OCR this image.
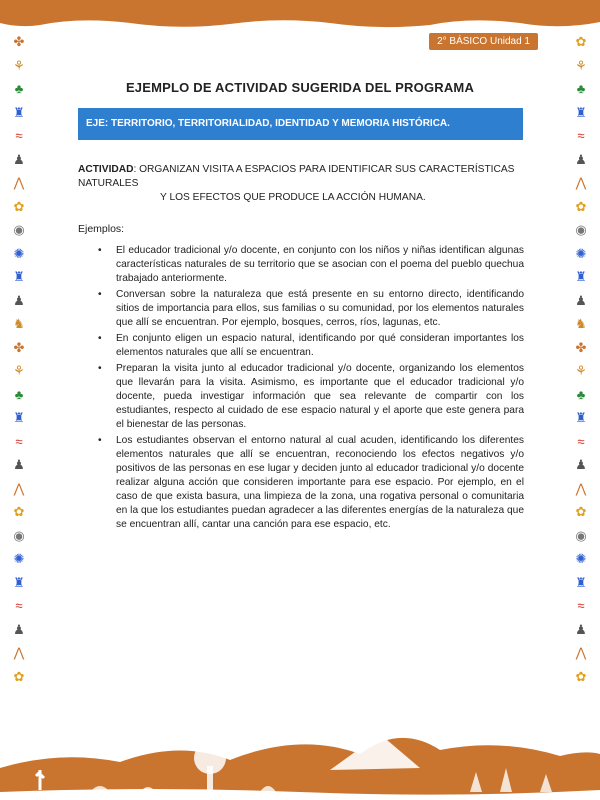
2° BÁSICO Unidad 1
✤
⚘
♣
♜
≈
♟
⋀
✿
◉
✺
♜
♟
♞
✤
⚘
♣
♜
≈
♟
⋀
✿
◉
✺
♜
≈
♟
⋀
✿
✿
⚘
♣
♜
≈
♟
⋀
✿
◉
✺
♜
♟
♞
✤
⚘
♣
♜
≈
♟
⋀
✿
◉
✺
♜
≈
♟
⋀
✿
EJEMPLO DE ACTIVIDAD SUGERIDA DEL PROGRAMA
EJE: TERRITORIO, TERRITORIALIDAD, IDENTIDAD Y MEMORIA HISTÓRICA.
ACTIVIDAD: ORGANIZAN VISITA A ESPACIOS PARA IDENTIFICAR SUS CARACTERÍSTICAS NATURALES
Y LOS EFECTOS QUE PRODUCE LA ACCIÓN HUMANA.
Ejemplos:
• El educador tradicional y/o docente, en conjunto con los niños y niñas identifican algunas características naturales de su territorio que se asocian con el poema del pueblo quechua trabajado anteriormente.
• Conversan sobre la naturaleza que está presente en su entorno directo, identificando sitios de importancia para ellos, sus familias o su comunidad, por los elementos naturales que allí se encuentran. Por ejemplo, bosques, cerros, ríos, lagunas, etc.
• En conjunto eligen un espacio natural, identificando por qué consideran importantes los elementos naturales que allí se encuentran.
• Preparan la visita junto al educador tradicional y/o docente, organizando los elementos que llevarán para la visita. Asimismo, es importante que el educador tradicional y/o docente, pueda investigar información que sea relevante de compartir con los estudiantes, respecto al cuidado de ese espacio natural y el aporte que este genera para el bienestar de las personas.
• Los estudiantes observan el entorno natural al cual acuden, identificando los diferentes elementos naturales que allí se encuentran, reconociendo los efectos negativos y/o positivos de las personas en ese lugar y deciden junto al educador tradicional y/o docente realizar alguna acción que consideren importante para ese espacio. Por ejemplo, en el caso de que exista basura, una limpieza de la zona, una rogativa personal o comunitaria en la que los estudiantes puedan agradecer a las diferentes energías de la naturaleza que se encuentran allí, cantar una canción para ese espacio, etc.
